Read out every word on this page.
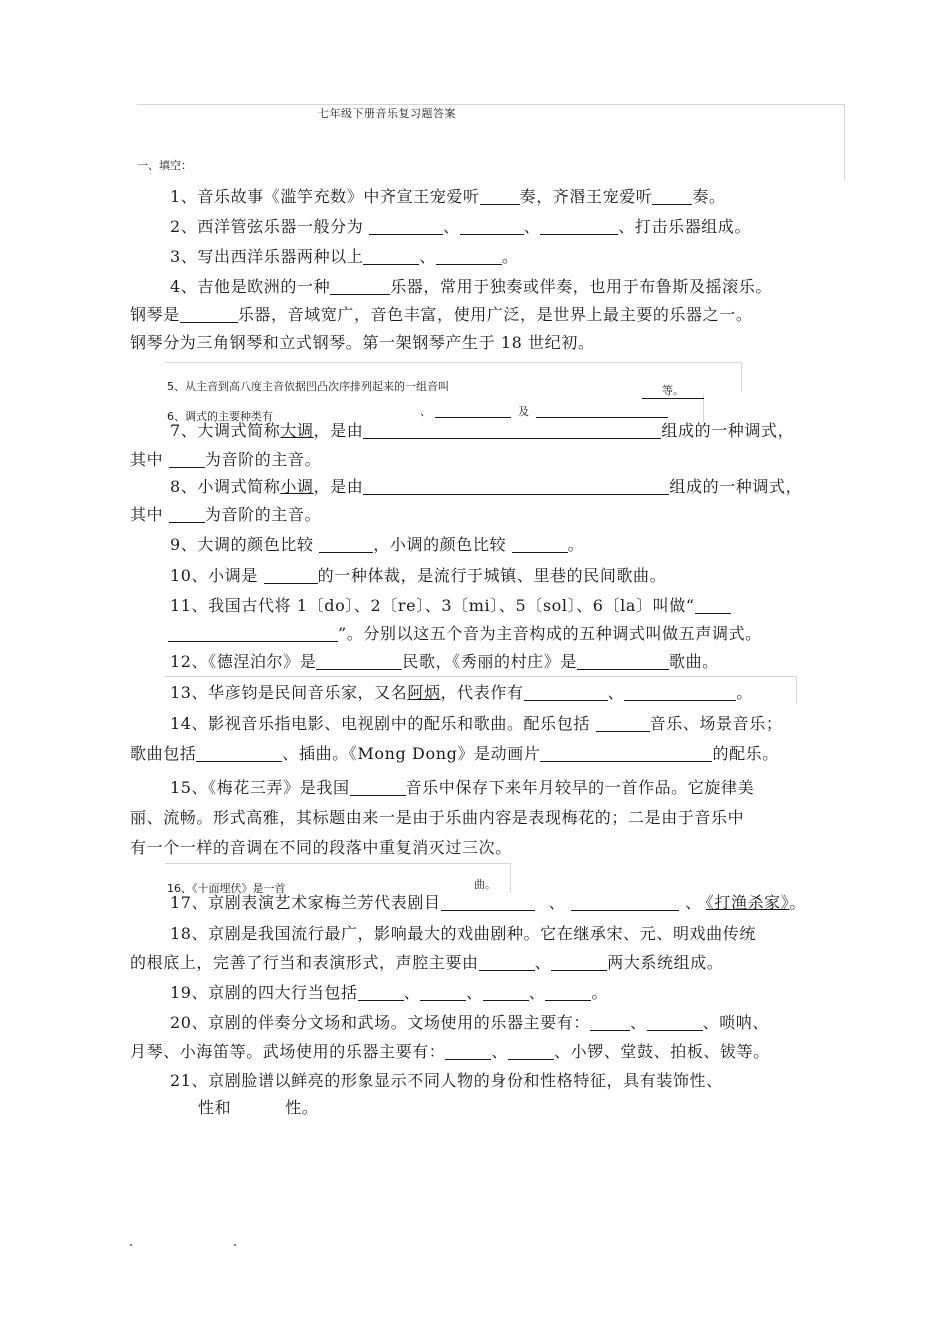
七年级下册音乐复习题答案
一、填空：
1、音乐故事《滥竽充数》中齐宣王宠爱听	奏，齐湣王宠爱听	奏。
2、西洋管弦乐器一般分为	、	、	、打击乐器组成。
3、写出西洋乐器两种以上	、	。
4、吉他是欧洲的一种	乐器，常用于独奏或伴奏，也用于布鲁斯及摇滚乐。
钢琴是	乐器，音域宽广，音色丰富，使用广泛，是世界上最主要的乐器之一。
钢琴分为三角钢琴和立式钢琴。第一架钢琴产生于 18 世纪初。
5、从主音到高八度主音依据凹凸次序排列起来的一组音叫	等。
6、调式的主要种类有	、	及
7、大调式简称大调，是由	组成的一种调式，
其中	为音阶的主音。
8、小调式简称小调，是由	组成的一种调式，
其中	为音阶的主音。
9、大调的颜色比较	，小调的颜色比较	。
10、小调是	的一种体裁，是流行于城镇、里巷的民间歌曲。
11、我国古代将 1〔do〕、2〔re〕、3〔mi〕、5〔sol〕、6〔la〕叫做“
”。分别以这五个音为主音构成的五种调式叫做五声调式。
12、《德涅泊尔》是	民歌，《秀丽的村庄》是	歌曲。
13、华彦钧是民间音乐家，又名阿炳，代表作有	、	。
14、影视音乐指电影、电视剧中的配乐和歌曲。配乐包括	音乐、场景音乐；
歌曲包括	、插曲。《Mong Dong》是动画片	的配乐。
15、《梅花三弄》是我国	音乐中保存下来年月较早的一首作品。它旋律美
丽、流畅。形式高雅，其标题由来一是由于乐曲内容是表现梅花的；二是由于音乐中
有一个一样的音调在不同的段落中重复消灭过三次。
16、《十面埋伏》是一首	曲。
17、京剧表演艺术家梅兰芳代表剧目	、	、 《打渔杀家》。
18、京剧是我国流行最广，影响最大的戏曲剧种。它在继承宋、元、明戏曲传统
的根底上，完善了行当和表演形式，声腔主要由	、	两大系统组成。
19、京剧的四大行当包括	、	、	、	。
20、京剧的伴奏分文场和武场。文场使用的乐器主要有：	、	、唢呐、
月琴、小海笛等。武场使用的乐器主要有：	、	、小锣、堂鼓、拍板、钹等。
21、京剧脸谱以鲜亮的形象显示不同人物的身份和性格特征，具有装饰性、
性和	性。
